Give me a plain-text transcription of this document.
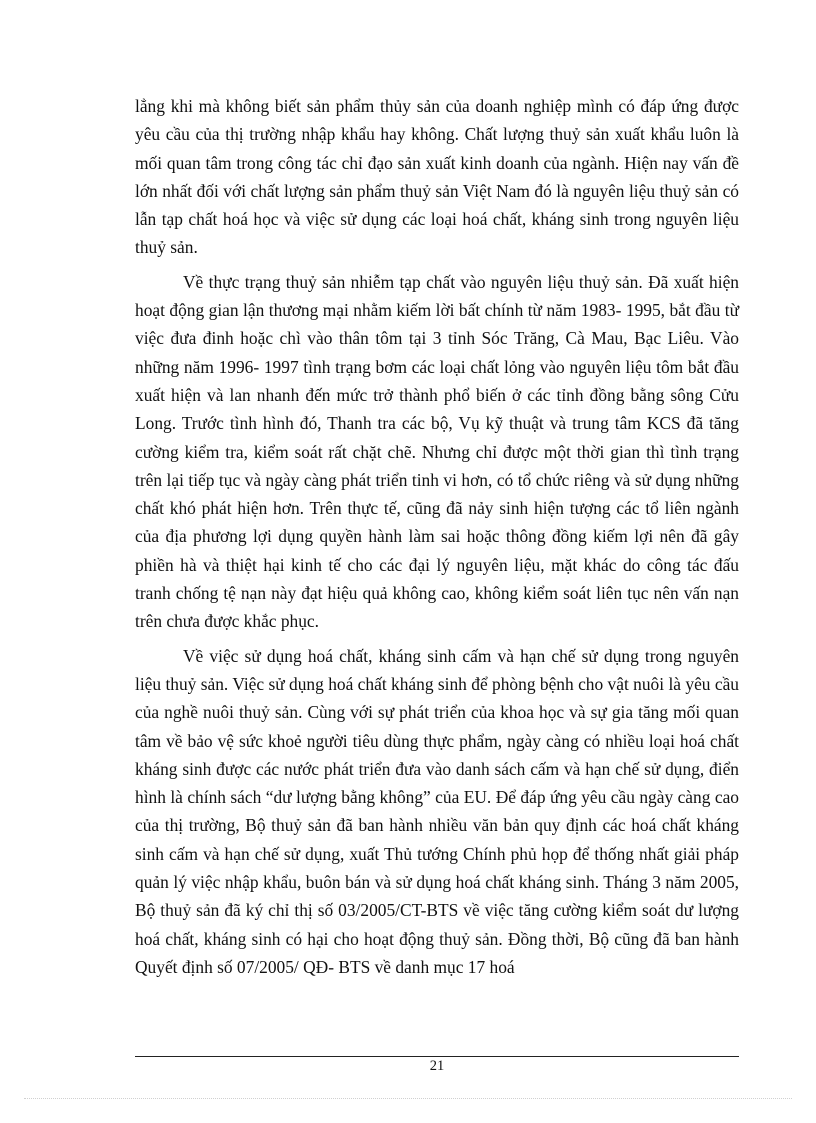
lẳng khi mà không biết sản phẩm thủy sản của doanh nghiệp mình có đáp ứng được yêu cầu của thị trường nhập khẩu hay không. Chất lượng thuỷ sản xuất khẩu luôn là mối quan tâm trong công tác chỉ đạo sản xuất kinh doanh của ngành. Hiện nay vấn đề lớn nhất đối với chất lượng sản phẩm thuỷ sản Việt Nam đó là nguyên liệu thuỷ sản có lẫn tạp chất hoá học và việc sử dụng các loại hoá chất, kháng sinh trong nguyên liệu thuỷ sản.

Về thực trạng thuỷ sản nhiễm tạp chất vào nguyên liệu thuỷ sản. Đã xuất hiện hoạt động gian lận thương mại nhằm kiếm lời bất chính từ năm 1983- 1995, bắt đầu từ việc đưa đinh hoặc chì vào thân tôm tại 3 tỉnh Sóc Trăng, Cà Mau, Bạc Liêu. Vào những năm 1996- 1997 tình trạng bơm các loại chất lỏng vào nguyên liệu tôm bắt đầu xuất hiện và lan nhanh đến mức trở thành phổ biến ở các tỉnh đồng bằng sông Cửu Long. Trước tình hình đó, Thanh tra các bộ, Vụ kỹ thuật và trung tâm KCS đã tăng cường kiểm tra, kiểm soát rất chặt chẽ. Nhưng chỉ được một thời gian thì tình trạng trên lại tiếp tục và ngày càng phát triển tinh vi hơn, có tổ chức riêng và sử dụng những chất khó phát hiện hơn. Trên thực tế, cũng đã nảy sinh hiện tượng các tổ liên ngành của địa phương lợi dụng quyền hành làm sai hoặc thông đồng kiếm lợi nên đã gây phiền hà và thiệt hại kinh tế cho các đại lý nguyên liệu, mặt khác do công tác đấu tranh chống tệ nạn này đạt hiệu quả không cao, không kiểm soát liên tục nên vấn nạn trên chưa được khắc phục.

Về việc sử dụng hoá chất, kháng sinh cấm và hạn chế sử dụng trong nguyên liệu thuỷ sản. Việc sử dụng hoá chất kháng sinh để phòng bệnh cho vật nuôi là yêu cầu của nghề nuôi thuỷ sản. Cùng với sự phát triển của khoa học và sự gia tăng mối quan tâm về bảo vệ sức khoẻ người tiêu dùng thực phẩm, ngày càng có nhiều loại hoá chất kháng sinh được các nước phát triển đưa vào danh sách cấm và hạn chế sử dụng, điển hình là chính sách “dư lượng bằng không” của EU. Để đáp ứng yêu cầu ngày càng cao của thị trường, Bộ thuỷ sản đã ban hành nhiều văn bản quy định các hoá chất kháng sinh cấm và hạn chế sử dụng, xuất Thủ tướng Chính phủ họp để thống nhất giải pháp quản lý việc nhập khẩu, buôn bán và sử dụng hoá chất kháng sinh. Tháng 3 năm 2005, Bộ thuỷ sản đã ký chỉ thị số 03/2005/CT-BTS về việc tăng cường kiểm soát dư lượng hoá chất, kháng sinh có hại cho hoạt động thuỷ sản. Đồng thời, Bộ cũng đã ban hành Quyết định số 07/2005/ QĐ- BTS về danh mục 17 hoá

21
